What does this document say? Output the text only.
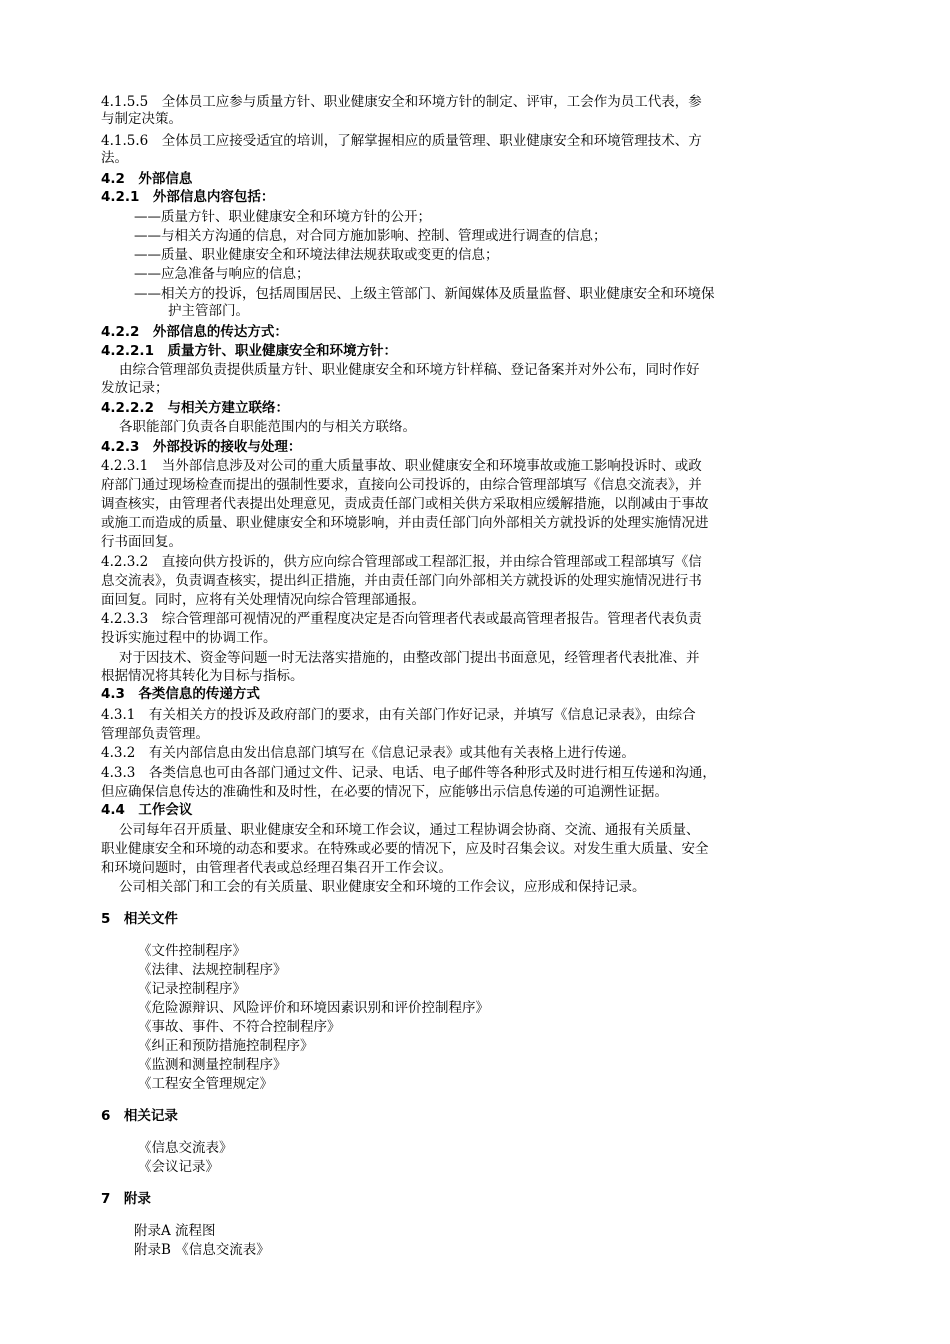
4.1.5.5　全体员工应参与质量方针、职业健康安全和环境方针的制定、评审，工会作为员工代表，参
与制定决策。
4.1.5.6　全体员工应接受适宜的培训，了解掌握相应的质量管理、职业健康安全和环境管理技术、方
法。
4.2　外部信息
4.2.1　外部信息内容包括：
——质量方针、职业健康安全和环境方针的公开；
——与相关方沟通的信息，对合同方施加影响、控制、管理或进行调查的信息；
——质量、职业健康安全和环境法律法规获取或变更的信息；
——应急准备与响应的信息；
——相关方的投诉，包括周围居民、上级主管部门、新闻媒体及质量监督、职业健康安全和环境保
护主管部门。
4.2.2　外部信息的传达方式：
4.2.2.1　质量方针、职业健康安全和环境方针：
由综合管理部负责提供质量方针、职业健康安全和环境方针样稿、登记备案并对外公布，同时作好
发放记录；
4.2.2.2　与相关方建立联络：
各职能部门负责各自职能范围内的与相关方联络。
4.2.3　外部投诉的接收与处理：
4.2.3.1　当外部信息涉及对公司的重大质量事故、职业健康安全和环境事故或施工影响投诉时、或政
府部门通过现场检查而提出的强制性要求，直接向公司投诉的，由综合管理部填写《信息交流表》，并
调查核实，由管理者代表提出处理意见，责成责任部门或相关供方采取相应缓解措施，以削减由于事故
或施工而造成的质量、职业健康安全和环境影响，并由责任部门向外部相关方就投诉的处理实施情况进
行书面回复。
4.2.3.2　直接向供方投诉的，供方应向综合管理部或工程部汇报，并由综合管理部或工程部填写《信
息交流表》，负责调查核实，提出纠正措施，并由责任部门向外部相关方就投诉的处理实施情况进行书
面回复。同时，应将有关处理情况向综合管理部通报。
4.2.3.3　综合管理部可视情况的严重程度决定是否向管理者代表或最高管理者报告。管理者代表负责
投诉实施过程中的协调工作。
对于因技术、资金等问题一时无法落实措施的，由整改部门提出书面意见，经管理者代表批准、并
根据情况将其转化为目标与指标。
4.3　各类信息的传递方式
4.3.1　有关相关方的投诉及政府部门的要求，由有关部门作好记录，并填写《信息记录表》，由综合
管理部负责管理。
4.3.2　有关内部信息由发出信息部门填写在《信息记录表》或其他有关表格上进行传递。
4.3.3　各类信息也可由各部门通过文件、记录、电话、电子邮件等各种形式及时进行相互传递和沟通，
但应确保信息传达的准确性和及时性，在必要的情况下，应能够出示信息传递的可追溯性证据。
4.4　工作会议
公司每年召开质量、职业健康安全和环境工作会议，通过工程协调会协商、交流、通报有关质量、
职业健康安全和环境的动态和要求。在特殊或必要的情况下，应及时召集会议。对发生重大质量、安全
和环境问题时，由管理者代表或总经理召集召开工作会议。
公司相关部门和工会的有关质量、职业健康安全和环境的工作会议，应形成和保持记录。
5　相关文件
《文件控制程序》
《法律、法规控制程序》
《记录控制程序》
《危险源辩识、风险评价和环境因素识别和评价控制程序》
《事故、事件、不符合控制程序》
《纠正和预防措施控制程序》
《监测和测量控制程序》
《工程安全管理规定》
6　相关记录
《信息交流表》
《会议记录》
7　附录
附录A 流程图
附录B 《信息交流表》
